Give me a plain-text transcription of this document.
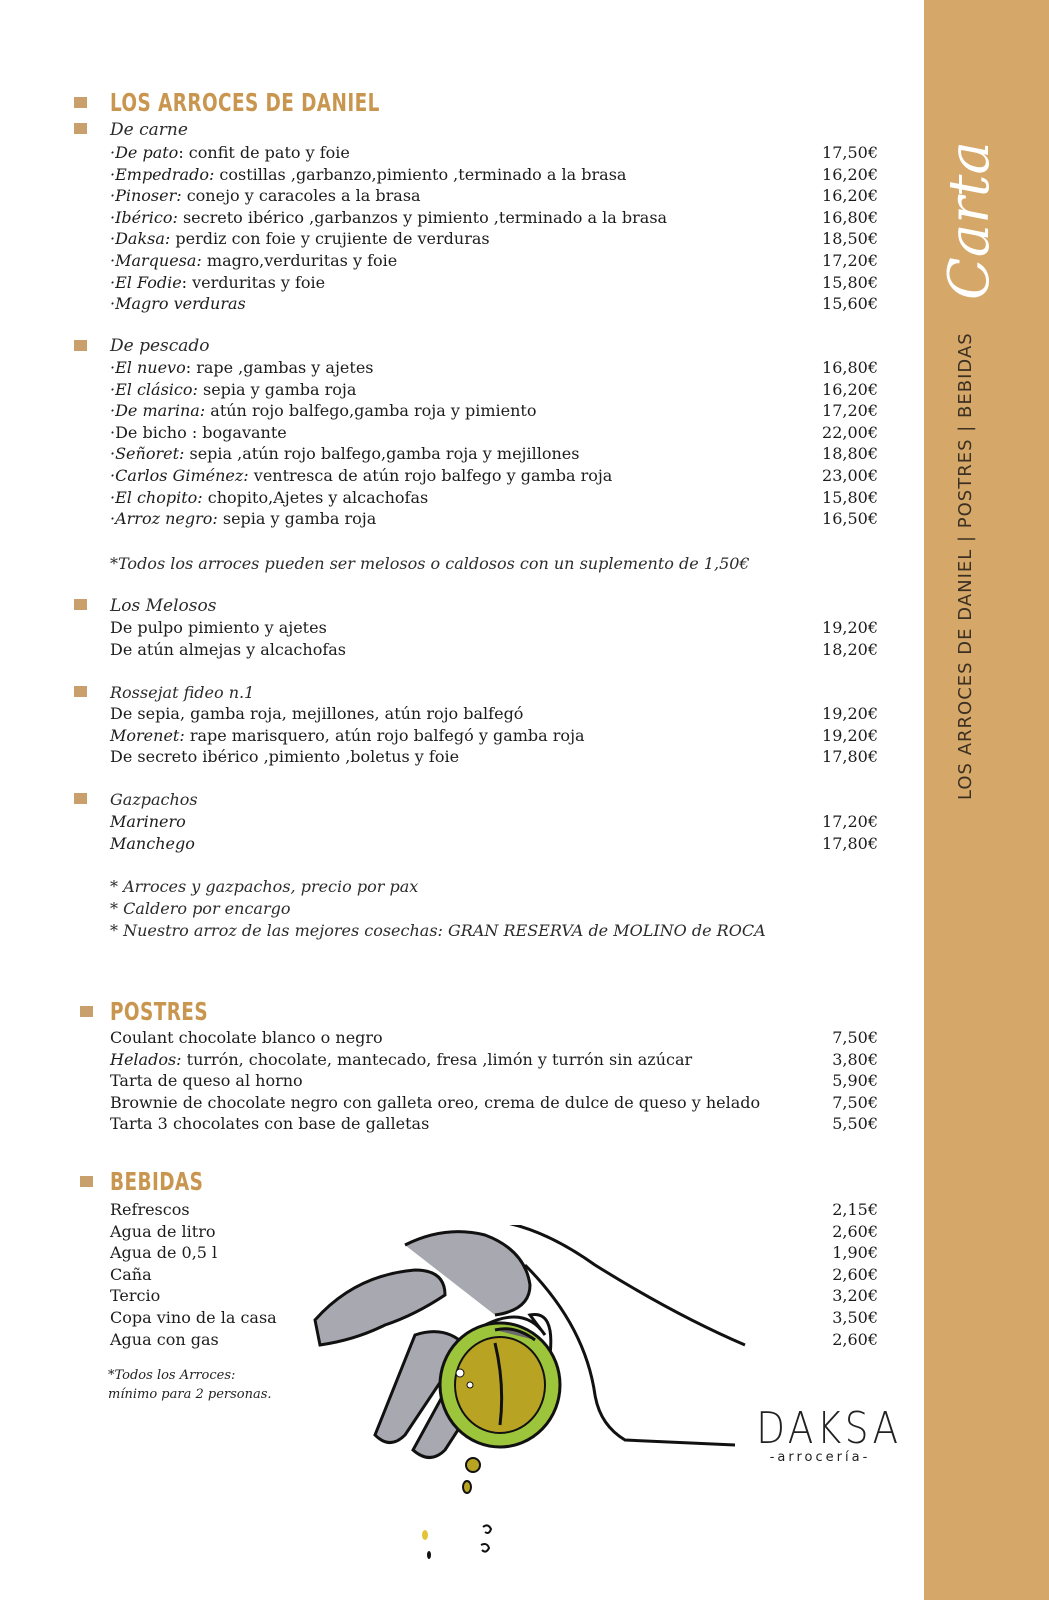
LOS ARROCES DE DANIEL
De carne
·De pato: confit de pato y foie	17,50€
·Empedrado: costillas ,garbanzo,pimiento ,terminado a la brasa	16,20€
·Pinoser: conejo y caracoles a la brasa	16,20€
·Ibérico: secreto ibérico ,garbanzos y pimiento ,terminado a la brasa	16,80€
·Daksa: perdiz con foie y crujiente de verduras	18,50€
·Marquesa: magro,verduritas y foie	17,20€
·El Fodie: verduritas y foie	15,80€
·Magro verduras	15,60€
De pescado
·El nuevo: rape ,gambas y ajetes	16,80€
·El clásico: sepia y gamba roja	16,20€
·De marina: atún rojo balfego,gamba roja y pimiento	17,20€
·De bicho : bogavante	22,00€
·Señoret: sepia ,atún rojo balfego,gamba roja y mejillones	18,80€
·Carlos Giménez: ventresca de atún rojo balfego y gamba roja	23,00€
·El chopito: chopito,Ajetes y alcachofas	15,80€
·Arroz negro: sepia y gamba roja	16,50€
*Todos los arroces pueden ser melosos o caldosos con un suplemento de 1,50€
Los Melosos
De pulpo pimiento y ajetes	19,20€
De atún almejas y alcachofas	18,20€
Rossejat fideo n.1
De sepia, gamba roja, mejillones, atún rojo balfegó	19,20€
Morenet: rape marisquero, atún rojo balfegó y gamba roja	19,20€
De secreto ibérico ,pimiento ,boletus y foie	17,80€
Gazpachos
Marinero	17,20€
Manchego	17,80€
* Arroces y gazpachos, precio por pax
* Caldero por encargo
* Nuestro arroz de las mejores cosechas: GRAN RESERVA de MOLINO de ROCA
POSTRES
Coulant chocolate blanco o negro	7,50€
Helados: turrón, chocolate, mantecado, fresa ,limón y turrón sin azúcar	3,80€
Tarta de queso al horno	5,90€
Brownie de chocolate negro con galleta oreo, crema de dulce de queso y helado	7,50€
Tarta 3 chocolates con base de galletas	5,50€
BEBIDAS
Refrescos	2,15€
Agua de litro	2,60€
Agua de 0,5 l	1,90€
Caña	2,60€
Tercio	3,20€
Copa vino de la casa	3,50€
Agua con gas	2,60€
*Todos los Arroces:
mínimo para 2 personas.
DAKSA
-arrocería-
Carta
LOS ARROCES DE DANIEL | POSTRES | BEBIDAS
